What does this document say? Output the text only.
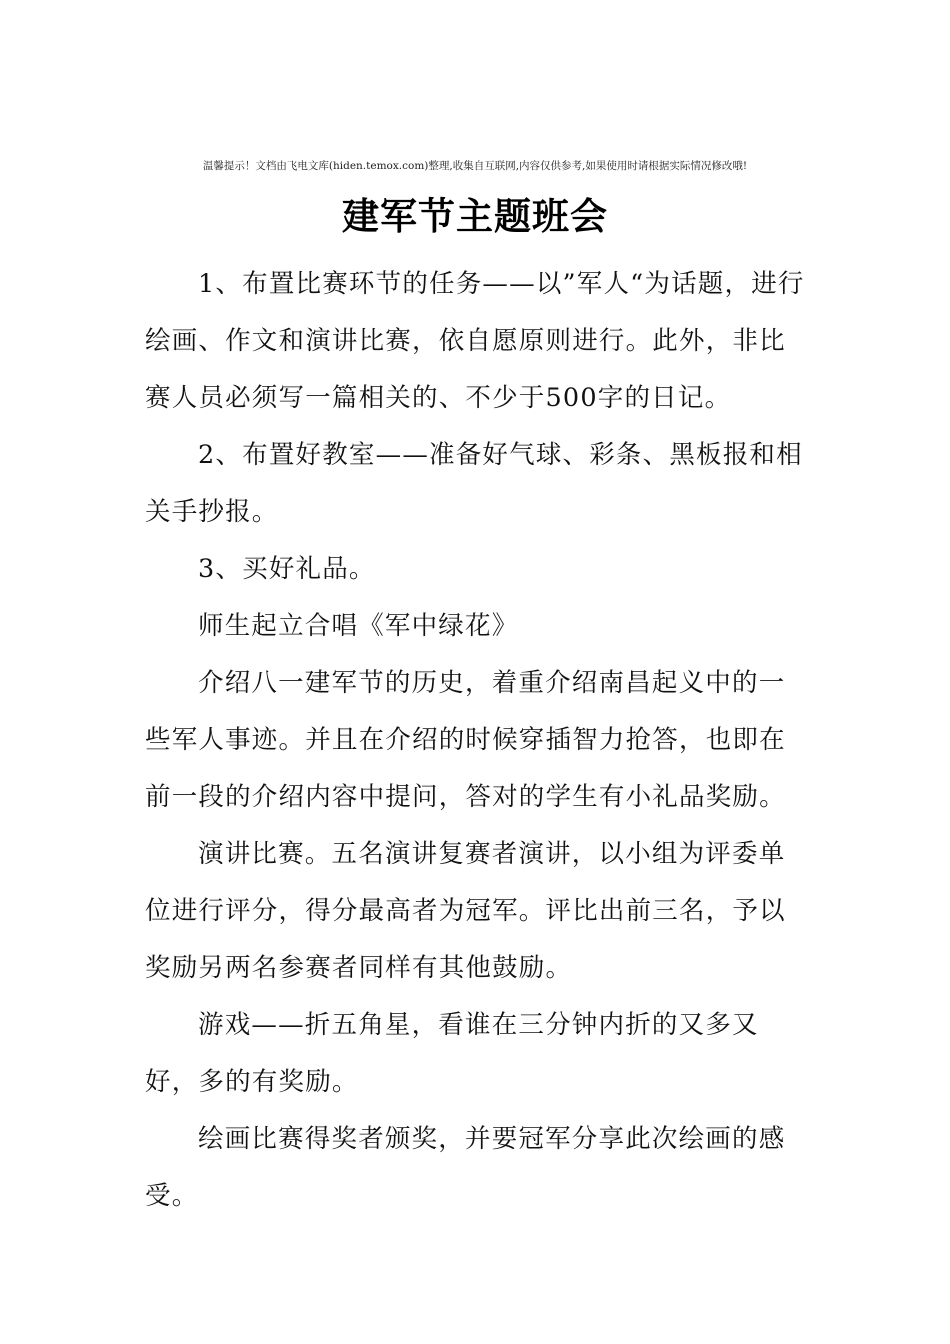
温馨提示！文档由飞电文库(hiden.temox.com)整理,收集自互联网,内容仅供参考,如果使用时请根据实际情况修改哦!
建军节主题班会

1、布置比赛环节的任务——以”军人“为话题，进行绘画、作文和演讲比赛，依自愿原则进行。此外，非比赛人员必须写一篇相关的、不少于500字的日记。

2、布置好教室——准备好气球、彩条、黑板报和相关手抄报。

3、买好礼品。

师生起立合唱《军中绿花》

介绍八一建军节的历史，着重介绍南昌起义中的一些军人事迹。并且在介绍的时候穿插智力抢答，也即在前一段的介绍内容中提问，答对的学生有小礼品奖励。

演讲比赛。五名演讲复赛者演讲，以小组为评委单位进行评分，得分最高者为冠军。评比出前三名，予以奖励另两名参赛者同样有其他鼓励。

游戏——折五角星，看谁在三分钟内折的又多又好，多的有奖励。

绘画比赛得奖者颁奖，并要冠军分享此次绘画的感受。
